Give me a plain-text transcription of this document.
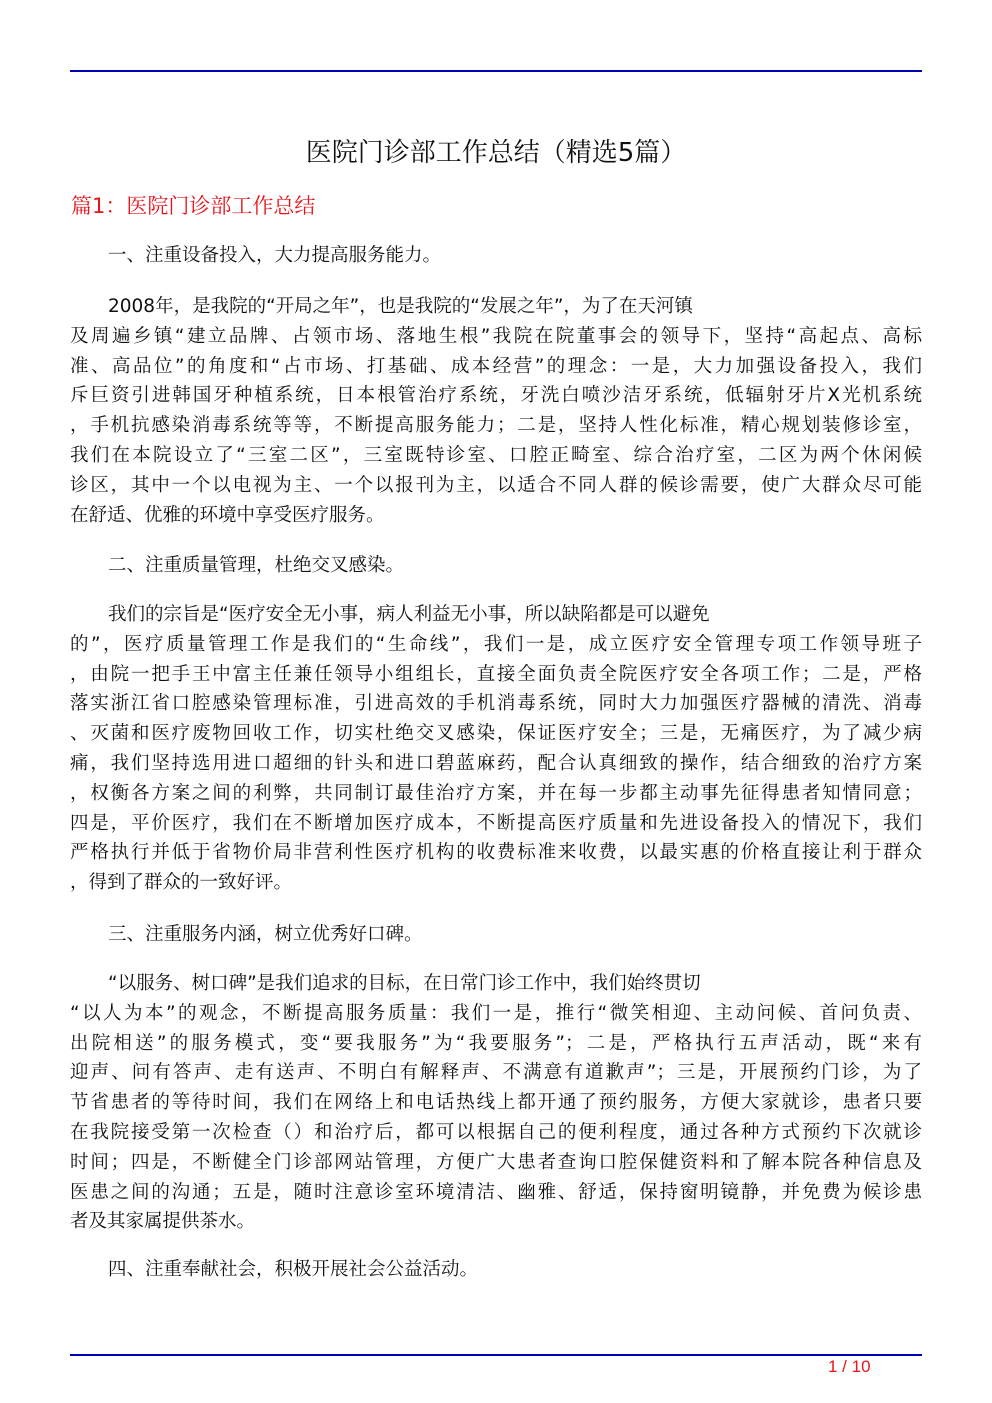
医院门诊部工作总结（精选5篇）
篇1：医院门诊部工作总结
一、注重设备投入，大力提高服务能力。
2008年，是我院的“开局之年”，也是我院的“发展之年”，为了在天河镇
及周遍乡镇“建立品牌、占领市场、落地生根”我院在院董事会的领导下，坚持“高起点、高标
准、高品位”的角度和“占市场、打基础、成本经营”的理念：一是，大力加强设备投入，我们
斥巨资引进韩国牙种植系统，日本根管治疗系统，牙洗白喷沙洁牙系统，低辐射牙片X光机系统
，手机抗感染消毒系统等等，不断提高服务能力；二是，坚持人性化标准，精心规划装修诊室，
我们在本院设立了“三室二区”，三室既特诊室、口腔正畸室、综合治疗室，二区为两个休闲候
诊区，其中一个以电视为主、一个以报刊为主，以适合不同人群的候诊需要，使广大群众尽可能
在舒适、优雅的环境中享受医疗服务。
二、注重质量管理，杜绝交叉感染。
我们的宗旨是“医疗安全无小事，病人利益无小事，所以缺陷都是可以避免
的”，医疗质量管理工作是我们的“生命线”，我们一是，成立医疗安全管理专项工作领导班子
，由院一把手王中富主任兼任领导小组组长，直接全面负责全院医疗安全各项工作；二是，严格
落实浙江省口腔感染管理标准，引进高效的手机消毒系统，同时大力加强医疗器械的清洗、消毒
、灭菌和医疗废物回收工作，切实杜绝交叉感染，保证医疗安全；三是，无痛医疗，为了减少病
痛，我们坚持选用进口超细的针头和进口碧蓝麻药，配合认真细致的操作，结合细致的治疗方案
，权衡各方案之间的利弊，共同制订最佳治疗方案，并在每一步都主动事先征得患者知情同意；
四是，平价医疗，我们在不断增加医疗成本，不断提高医疗质量和先进设备投入的情况下，我们
严格执行并低于省物价局非营利性医疗机构的收费标准来收费，以最实惠的价格直接让利于群众
，得到了群众的一致好评。
三、注重服务内涵，树立优秀好口碑。
“以服务、树口碑”是我们追求的目标，在日常门诊工作中，我们始终贯切
“以人为本”的观念，不断提高服务质量：我们一是，推行“微笑相迎、主动问候、首问负责、
出院相送”的服务模式，变“要我服务”为“我要服务”；二是，严格执行五声活动，既“来有
迎声、问有答声、走有送声、不明白有解释声、不满意有道歉声”；三是，开展预约门诊，为了
节省患者的等待时间，我们在网络上和电话热线上都开通了预约服务，方便大家就诊，患者只要
在我院接受第一次检查（）和治疗后，都可以根据自己的便利程度，通过各种方式预约下次就诊
时间；四是，不断健全门诊部网站管理，方便广大患者查询口腔保健资料和了解本院各种信息及
医患之间的沟通；五是，随时注意诊室环境清洁、幽雅、舒适，保持窗明镜静，并免费为候诊患
者及其家属提供茶水。
四、注重奉献社会，积极开展社会公益活动。
1 / 10
